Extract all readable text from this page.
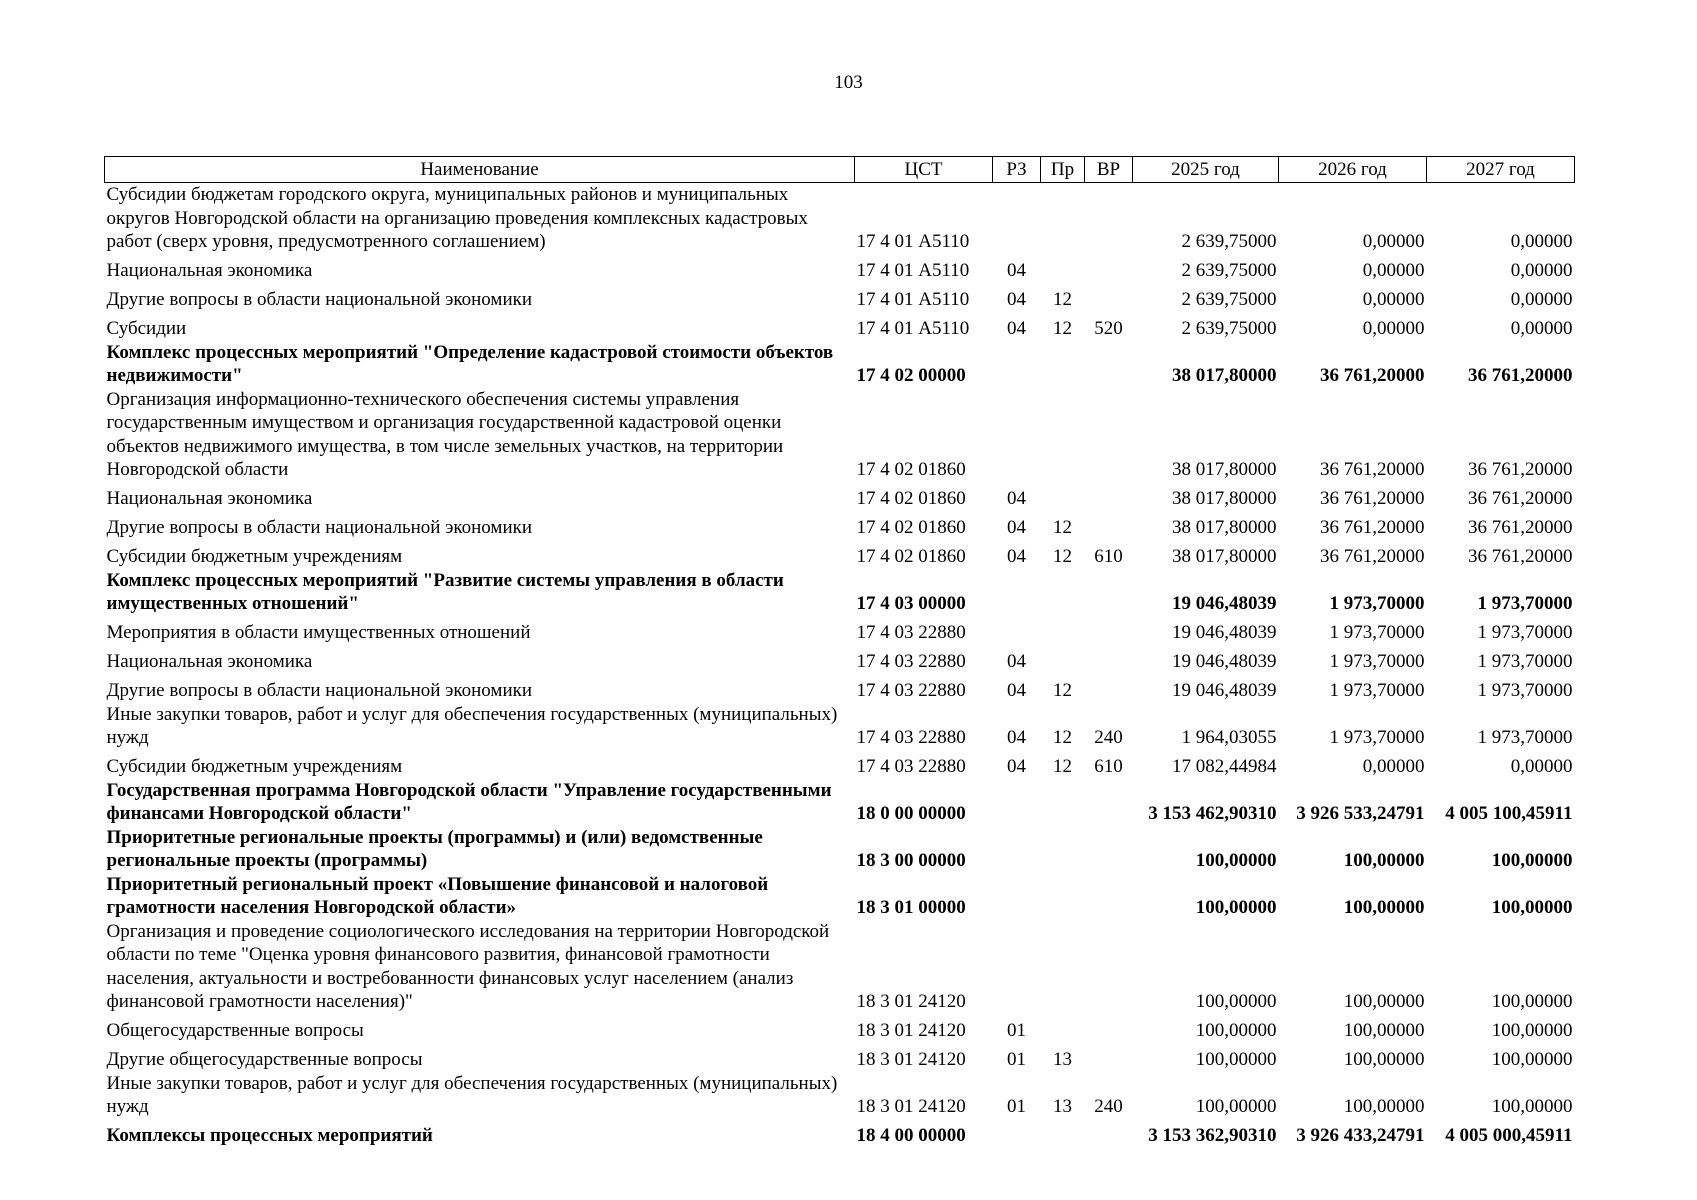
103
Наименование	ЦСТ	РЗ	Пр	ВР	2025 год	2026 год	2027 год
Субсидии бюджетам городского округа, муниципальных районов и муниципальных округов Новгородской области на организацию проведения комплексных кадастровых работ (сверх уровня, предусмотренного соглашением)	17 4 01 А5110				2 639,75000	0,00000	0,00000
Национальная экономика	17 4 01 А5110	04			2 639,75000	0,00000	0,00000
Другие вопросы в области национальной экономики	17 4 01 А5110	04	12		2 639,75000	0,00000	0,00000
Субсидии	17 4 01 А5110	04	12	520	2 639,75000	0,00000	0,00000
Комплекс процессных мероприятий "Определение кадастровой стоимости объектов недвижимости"	17 4 02 00000				38 017,80000	36 761,20000	36 761,20000
Организация информационно-технического обеспечения системы управления государственным имуществом и организация государственной кадастровой оценки объектов недвижимого имущества, в том числе земельных участков, на территории Новгородской области	17 4 02 01860				38 017,80000	36 761,20000	36 761,20000
Национальная экономика	17 4 02 01860	04			38 017,80000	36 761,20000	36 761,20000
Другие вопросы в области национальной экономики	17 4 02 01860	04	12		38 017,80000	36 761,20000	36 761,20000
Субсидии бюджетным учреждениям	17 4 02 01860	04	12	610	38 017,80000	36 761,20000	36 761,20000
Комплекс процессных мероприятий "Развитие системы управления в области имущественных отношений"	17 4 03 00000				19 046,48039	1 973,70000	1 973,70000
Мероприятия в области имущественных отношений	17 4 03 22880				19 046,48039	1 973,70000	1 973,70000
Национальная экономика	17 4 03 22880	04			19 046,48039	1 973,70000	1 973,70000
Другие вопросы в области национальной экономики	17 4 03 22880	04	12		19 046,48039	1 973,70000	1 973,70000
Иные закупки товаров, работ и услуг для обеспечения государственных (муниципальных) нужд	17 4 03 22880	04	12	240	1 964,03055	1 973,70000	1 973,70000
Субсидии бюджетным учреждениям	17 4 03 22880	04	12	610	17 082,44984	0,00000	0,00000
Государственная программа Новгородской области "Управление государственными финансами Новгородской области"	18 0 00 00000				3 153 462,90310	3 926 533,24791	4 005 100,45911
Приоритетные региональные проекты (программы) и (или) ведомственные региональные проекты (программы)	18 3 00 00000				100,00000	100,00000	100,00000
Приоритетный региональный проект «Повышение финансовой и налоговой грамотности населения Новгородской области»	18 3 01 00000				100,00000	100,00000	100,00000
Организация и проведение социологического исследования на территории Новгородской области по теме "Оценка уровня финансового развития, финансовой грамотности населения, актуальности и востребованности финансовых услуг населением (анализ финансовой грамотности населения)"	18 3 01 24120				100,00000	100,00000	100,00000
Общегосударственные вопросы	18 3 01 24120	01			100,00000	100,00000	100,00000
Другие общегосударственные вопросы	18 3 01 24120	01	13		100,00000	100,00000	100,00000
Иные закупки товаров, работ и услуг для обеспечения государственных (муниципальных) нужд	18 3 01 24120	01	13	240	100,00000	100,00000	100,00000
Комплексы процессных мероприятий	18 4 00 00000				3 153 362,90310	3 926 433,24791	4 005 000,45911
